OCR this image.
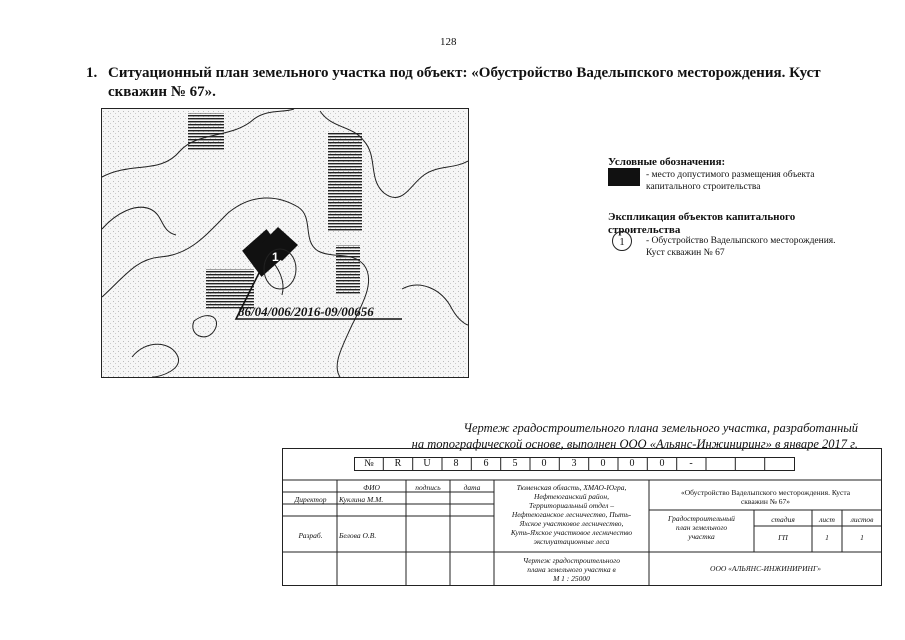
128
1. Ситуационный план земельного участка под объект: «Обустройство Ваделыпского месторождения. Куст
скважин № 67».
1
86/04/006/2016-09/00656
Условные обозначения:
- место допустимого размещения объекта
капитального строительства
Экспликация объектов капитального
строительства
1	- Обустройство Ваделыпского месторождения.
Куст скважин № 67
Чертеж градостроительного плана земельного участка, разработанный
на топографической основе, выполнен ООО «Альянс-Инжиниринг» в январе 2017 г.
№	R	U	8	6	5	0	3	0	0	0	-
ФИО	подпись	дата
Директор	Куклина М.М.
Разраб.	Белова О.В.
Тюменская область, ХМАО-Югра,
Нефтеюганский район,
Территориальный отдел –
Нефтеюганское лесничество, Пыть-
Яхское участковое лесничество,
Куть-Яхское участковое лесничество
эксплуатационные леса
«Обустройство Ваделыпского месторождения. Куста
скважин № 67»
Градостроительный
план земельного
участка
стадия	лист	листов
ГП	1	1
Чертеж градостроительного
плана земельного участка в
М 1 : 25000
ООО «АЛЬЯНС-ИНЖИНИРИНГ»
